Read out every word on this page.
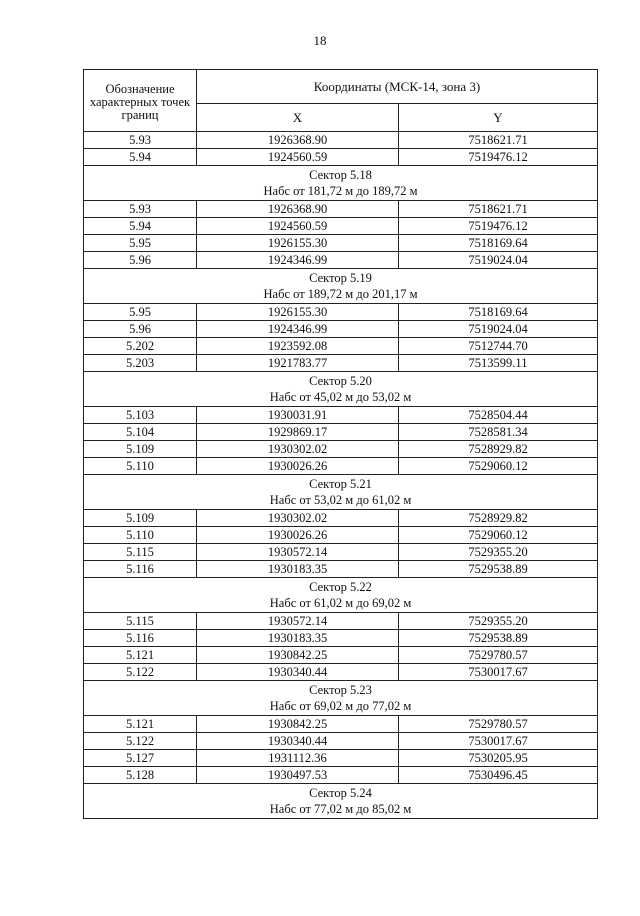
18
Обозначение характерных точек границ	Координаты (МСК-14, зона 3)	
	X	Y
5.93	1926368.90	7518621.71
5.94	1924560.59	7519476.12

Сектор 5.18
Набс от 181,72 м до 189,72 м		

5.93	1926368.90	7518621.71
5.94	1924560.59	7519476.12
5.95	1926155.30	7518169.64
5.96	1924346.99	7519024.04

Сектор 5.19
Набс от 189,72 м до 201,17 м		

5.95	1926155.30	7518169.64
5.96	1924346.99	7519024.04
5.202	1923592.08	7512744.70
5.203	1921783.77	7513599.11

Сектор 5.20
Набс от 45,02 м до 53,02 м		

5.103	1930031.91	7528504.44
5.104	1929869.17	7528581.34
5.109	1930302.02	7528929.82
5.110	1930026.26	7529060.12

Сектор 5.21
Набс от 53,02 м до 61,02 м		

5.109	1930302.02	7528929.82
5.110	1930026.26	7529060.12
5.115	1930572.14	7529355.20
5.116	1930183.35	7529538.89

Сектор 5.22
Набс от 61,02 м до 69,02 м		

5.115	1930572.14	7529355.20
5.116	1930183.35	7529538.89
5.121	1930842.25	7529780.57
5.122	1930340.44	7530017.67

Сектор 5.23
Набс от 69,02 м до 77,02 м		

5.121	1930842.25	7529780.57
5.122	1930340.44	7530017.67
5.127	1931112.36	7530205.95
5.128	1930497.53	7530496.45

Сектор 5.24
Набс от 77,02 м до 85,02 м		
